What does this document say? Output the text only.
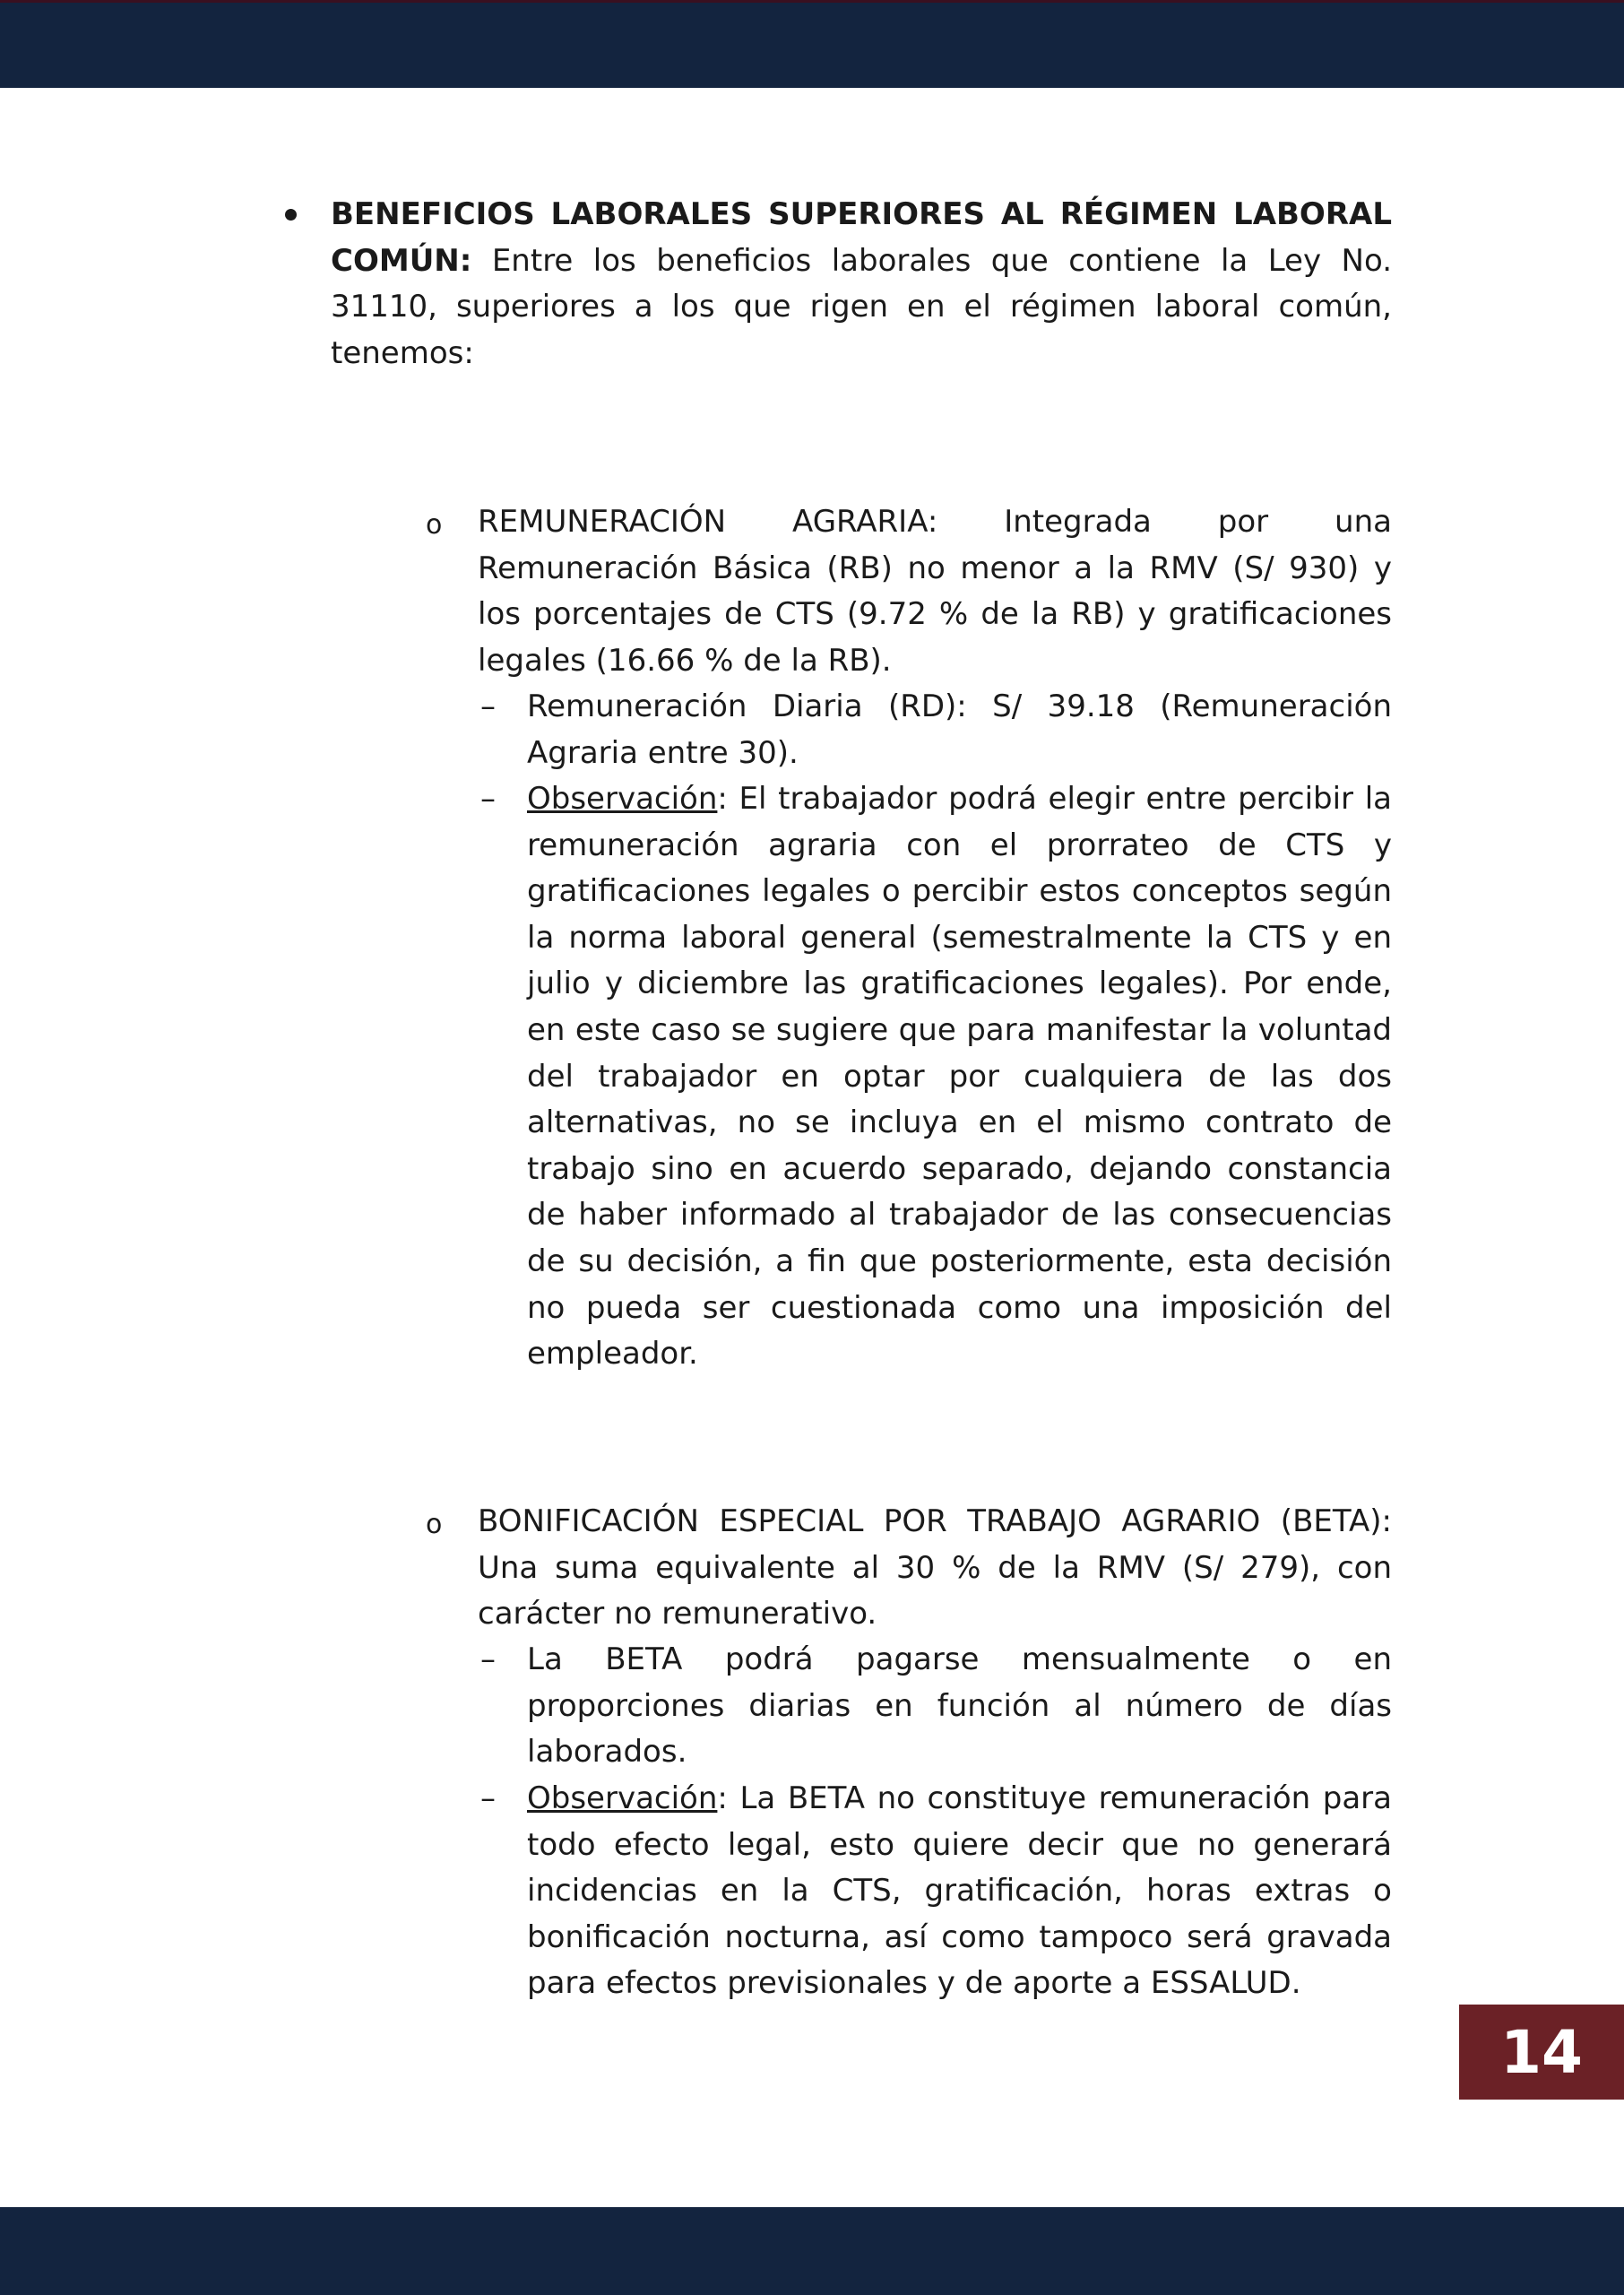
BENEFICIOS LABORALES SUPERIORES AL RÉGIMEN LABORAL COMÚN: Entre los beneficios laborales que contiene la Ley No. 31110, superiores a los que rigen en el régimen laboral común, tenemos:

o REMUNERACIÓN AGRARIA: Integrada por una Remuneración Básica (RB) no menor a la RMV (S/ 930) y los porcentajes de CTS (9.72 % de la RB) y gratificaciones legales (16.66 % de la RB).

– Remuneración Diaria (RD): S/ 39.18 (Remuneración Agraria entre 30).

– Observación: El trabajador podrá elegir entre percibir la remuneración agraria con el prorrateo de CTS y gratificaciones legales o percibir estos conceptos según la norma laboral general (semestralmente la CTS y en julio y diciembre las gratificaciones legales). Por ende, en este caso se sugiere que para manifestar la voluntad del trabajador en optar por cualquiera de las dos alternativas, no se incluya en el mismo contrato de trabajo sino en acuerdo separado, dejando constancia de haber informado al trabajador de las consecuencias de su decisión, a fin que posteriormente, esta decisión no pueda ser cuestionada como una imposición del empleador.

o BONIFICACIÓN ESPECIAL POR TRABAJO AGRARIO (BETA): Una suma equivalente al 30 % de la RMV (S/ 279), con carácter no remunerativo.

– La BETA podrá pagarse mensualmente o en proporciones diarias en función al número de días laborados.

– Observación: La BETA no constituye remuneración para todo efecto legal, esto quiere decir que no generará incidencias en la CTS, gratificación, horas extras o bonificación nocturna, así como tampoco será gravada para efectos previsionales y de aporte a ESSALUD.

14
